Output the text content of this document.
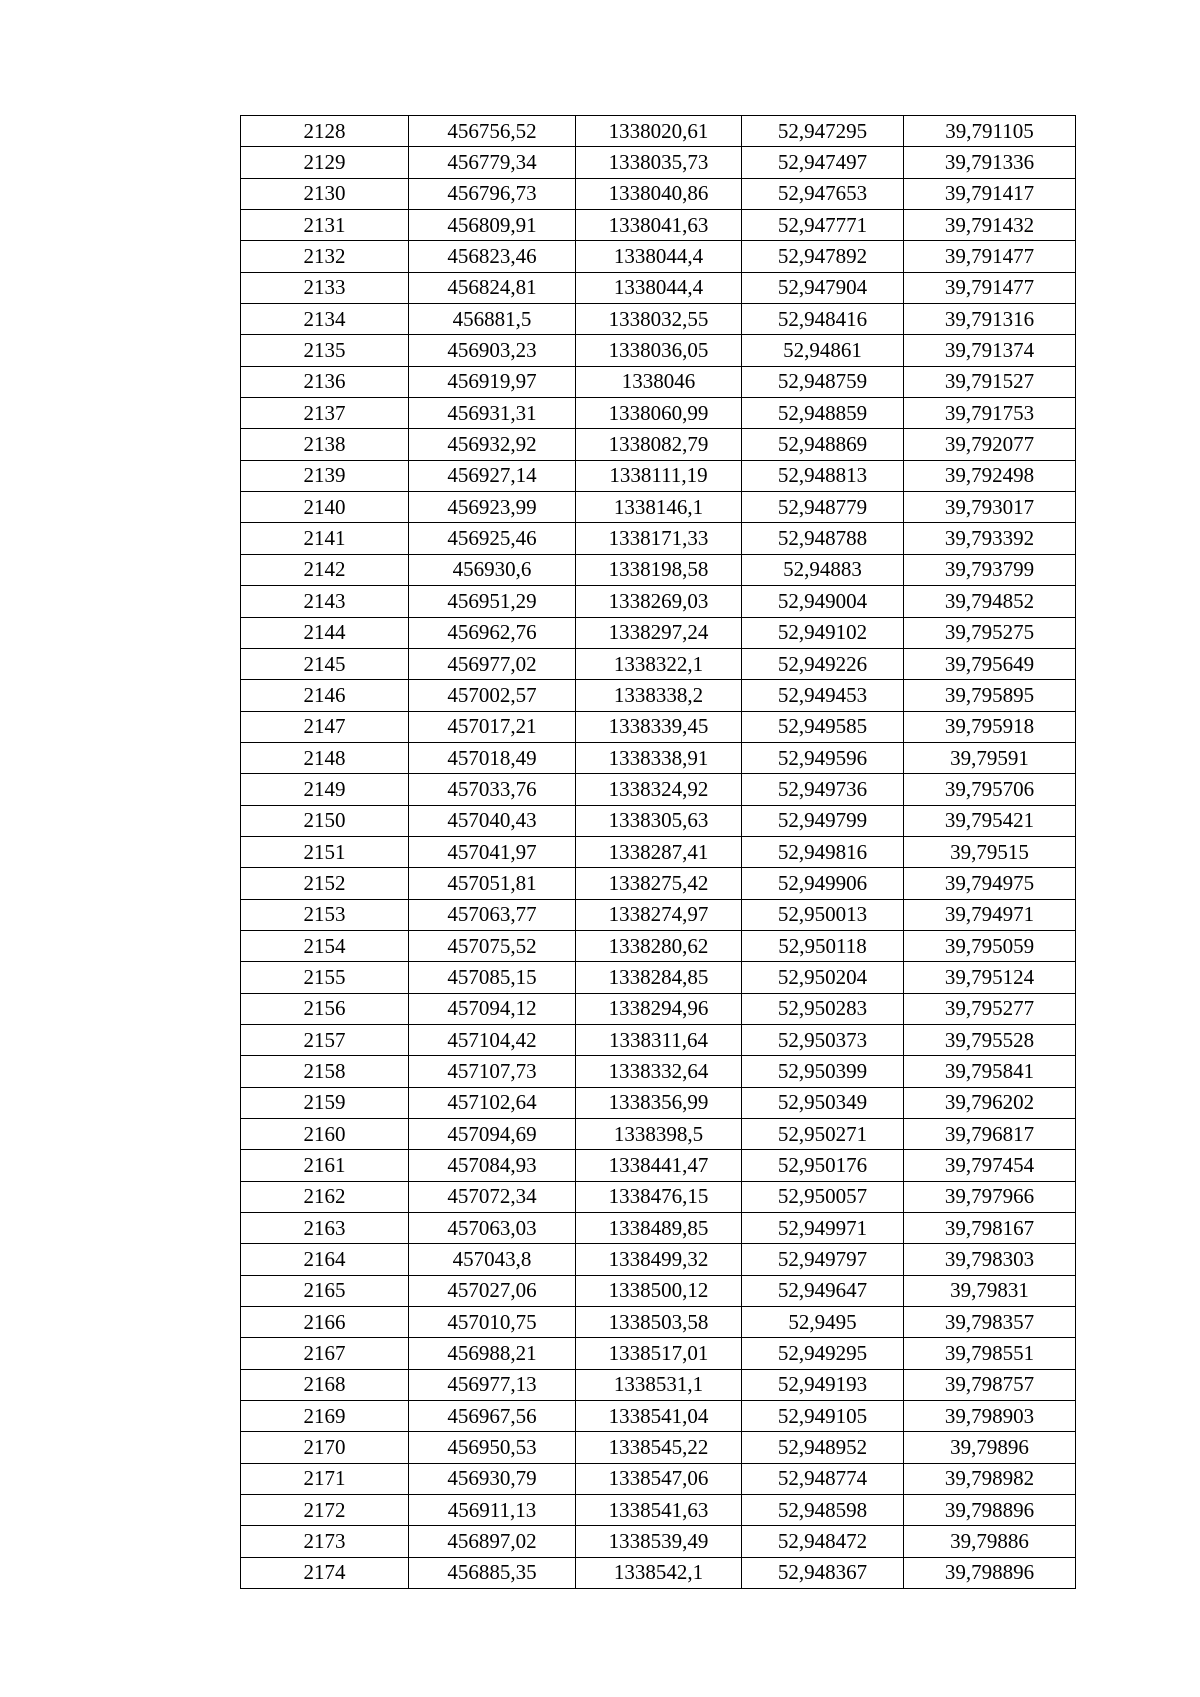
2128	456756,52	1338020,61	52,947295	39,791105
2129	456779,34	1338035,73	52,947497	39,791336
2130	456796,73	1338040,86	52,947653	39,791417
2131	456809,91	1338041,63	52,947771	39,791432
2132	456823,46	1338044,4	52,947892	39,791477
2133	456824,81	1338044,4	52,947904	39,791477
2134	456881,5	1338032,55	52,948416	39,791316
2135	456903,23	1338036,05	52,94861	39,791374
2136	456919,97	1338046	52,948759	39,791527
2137	456931,31	1338060,99	52,948859	39,791753
2138	456932,92	1338082,79	52,948869	39,792077
2139	456927,14	1338111,19	52,948813	39,792498
2140	456923,99	1338146,1	52,948779	39,793017
2141	456925,46	1338171,33	52,948788	39,793392
2142	456930,6	1338198,58	52,94883	39,793799
2143	456951,29	1338269,03	52,949004	39,794852
2144	456962,76	1338297,24	52,949102	39,795275
2145	456977,02	1338322,1	52,949226	39,795649
2146	457002,57	1338338,2	52,949453	39,795895
2147	457017,21	1338339,45	52,949585	39,795918
2148	457018,49	1338338,91	52,949596	39,79591
2149	457033,76	1338324,92	52,949736	39,795706
2150	457040,43	1338305,63	52,949799	39,795421
2151	457041,97	1338287,41	52,949816	39,79515
2152	457051,81	1338275,42	52,949906	39,794975
2153	457063,77	1338274,97	52,950013	39,794971
2154	457075,52	1338280,62	52,950118	39,795059
2155	457085,15	1338284,85	52,950204	39,795124
2156	457094,12	1338294,96	52,950283	39,795277
2157	457104,42	1338311,64	52,950373	39,795528
2158	457107,73	1338332,64	52,950399	39,795841
2159	457102,64	1338356,99	52,950349	39,796202
2160	457094,69	1338398,5	52,950271	39,796817
2161	457084,93	1338441,47	52,950176	39,797454
2162	457072,34	1338476,15	52,950057	39,797966
2163	457063,03	1338489,85	52,949971	39,798167
2164	457043,8	1338499,32	52,949797	39,798303
2165	457027,06	1338500,12	52,949647	39,79831
2166	457010,75	1338503,58	52,9495	39,798357
2167	456988,21	1338517,01	52,949295	39,798551
2168	456977,13	1338531,1	52,949193	39,798757
2169	456967,56	1338541,04	52,949105	39,798903
2170	456950,53	1338545,22	52,948952	39,79896
2171	456930,79	1338547,06	52,948774	39,798982
2172	456911,13	1338541,63	52,948598	39,798896
2173	456897,02	1338539,49	52,948472	39,79886
2174	456885,35	1338542,1	52,948367	39,798896
